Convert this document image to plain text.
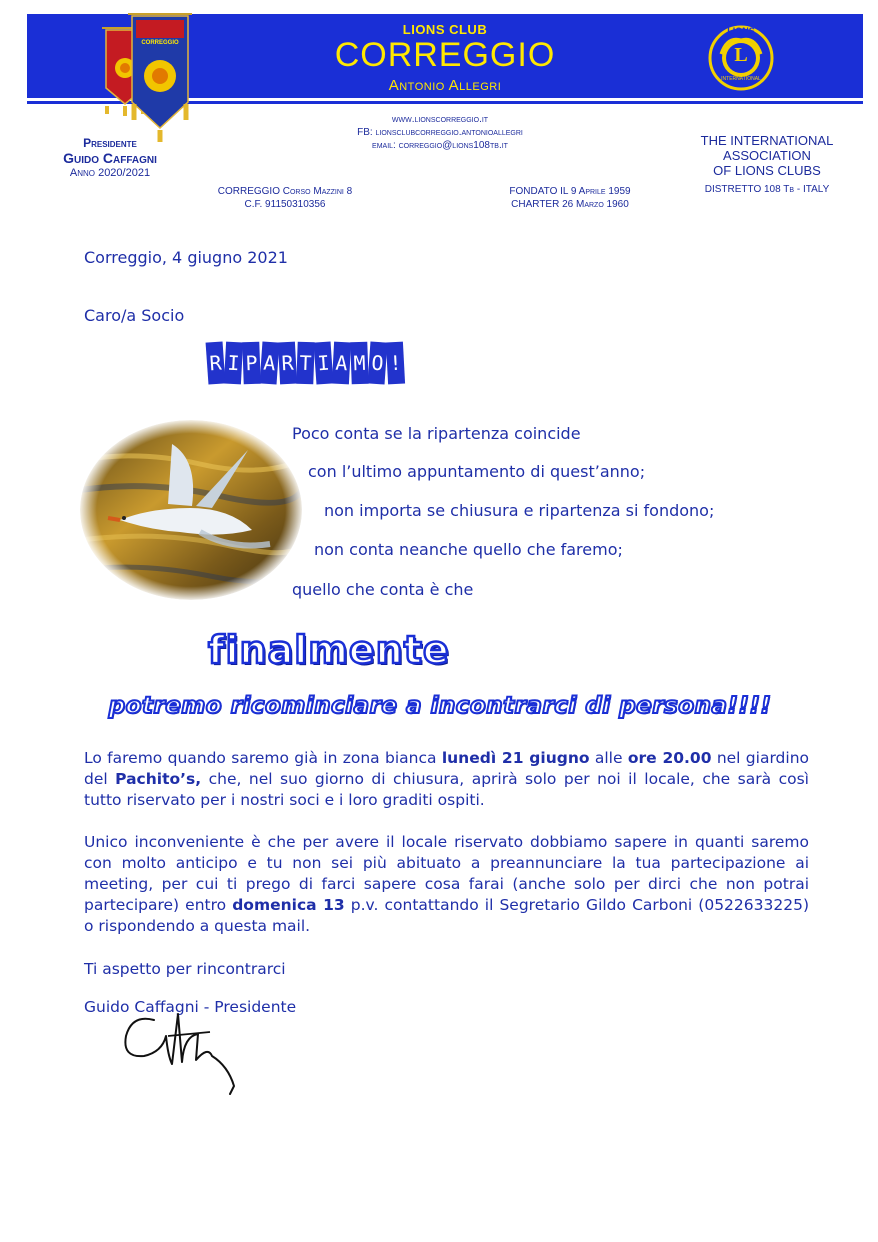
LIONS CLUB
CORREGGIO
Antonio Allegri
CORREGGIO
L
LIONS
INTERNATIONAL
www.lionscorreggio.it
FB: lionsclubcorreggio.antonioallegri
email: correggio@lions108tb.it
Presidente
Guido Caffagni
Anno 2020/2021
THE INTERNATIONAL
ASSOCIATION
OF LIONS CLUBS
DISTRETTO 108 Tb - ITALY
CORREGGIO Corso Mazzini 8
C.F. 91150310356
FONDATO IL 9 Aprile 1959
CHARTER 26 Marzo 1960
Correggio, 4 giugno 2021
Caro/a Socio
R I P A R T I A M O !
Poco conta se la ripartenza coincide
con l’ultimo appuntamento di quest’anno;
non importa se chiusura e ripartenza si fondono;
non conta neanche quello che faremo;
quello che conta è che
finalmente
potremo ricominciare a incontrarci di persona!!!!
Lo faremo quando saremo già in zona bianca lunedì 21 giugno alle ore 20.00 nel giardino del Pachito’s, che, nel suo giorno di chiusura, aprirà solo per noi il locale, che sarà così tutto riservato per i nostri soci e i loro graditi ospiti.
Unico inconveniente è che per avere il locale riservato dobbiamo sapere in quanti saremo con molto anticipo e tu non sei più abituato a preannunciare la tua partecipazione ai meeting, per cui ti prego di farci sapere cosa farai (anche solo per dirci che non potrai partecipare) entro domenica 13 p.v. contattando il Segretario Gildo Carboni (0522633225) o rispondendo a questa mail.
Ti aspetto per rincontrarci
Guido Caffagni - Presidente
